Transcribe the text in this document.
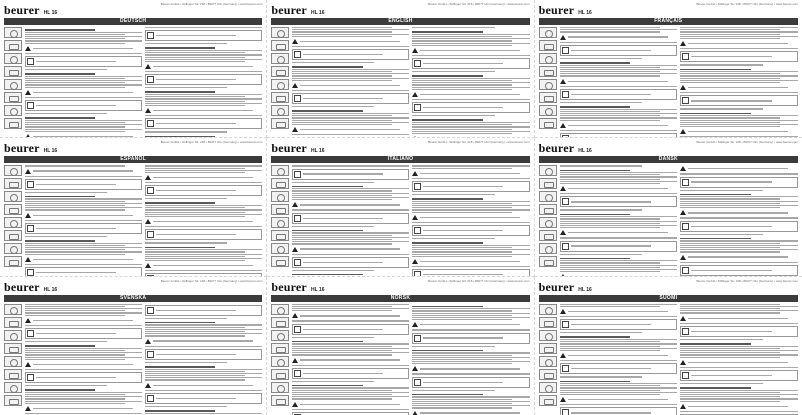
beurer HL 16
Beurer GmbH • Söflinger Str. 218 • 89077 Ulm (Germany) • www.beurer.com
DEUTSCH
beurer HL 16
Beurer GmbH • Söflinger Str. 218 • 89077 Ulm (Germany) • www.beurer.com
ENGLISH
beurer HL 16
Beurer GmbH • Söflinger Str. 218 • 89077 Ulm (Germany) • www.beurer.com
FRANÇAIS
beurer HL 16
Beurer GmbH • Söflinger Str. 218 • 89077 Ulm (Germany) • www.beurer.com
ESPAÑOL
beurer HL 16
Beurer GmbH • Söflinger Str. 218 • 89077 Ulm (Germany) • www.beurer.com
ITALIANO
beurer HL 16
Beurer GmbH • Söflinger Str. 218 • 89077 Ulm (Germany) • www.beurer.com
DANSK
beurer HL 16
Beurer GmbH • Söflinger Str. 218 • 89077 Ulm (Germany) • www.beurer.com
SVENSKA
beurer HL 16
Beurer GmbH • Söflinger Str. 218 • 89077 Ulm (Germany) • www.beurer.com
NORSK
beurer HL 16
Beurer GmbH • Söflinger Str. 218 • 89077 Ulm (Germany) • www.beurer.com
SUOMI
